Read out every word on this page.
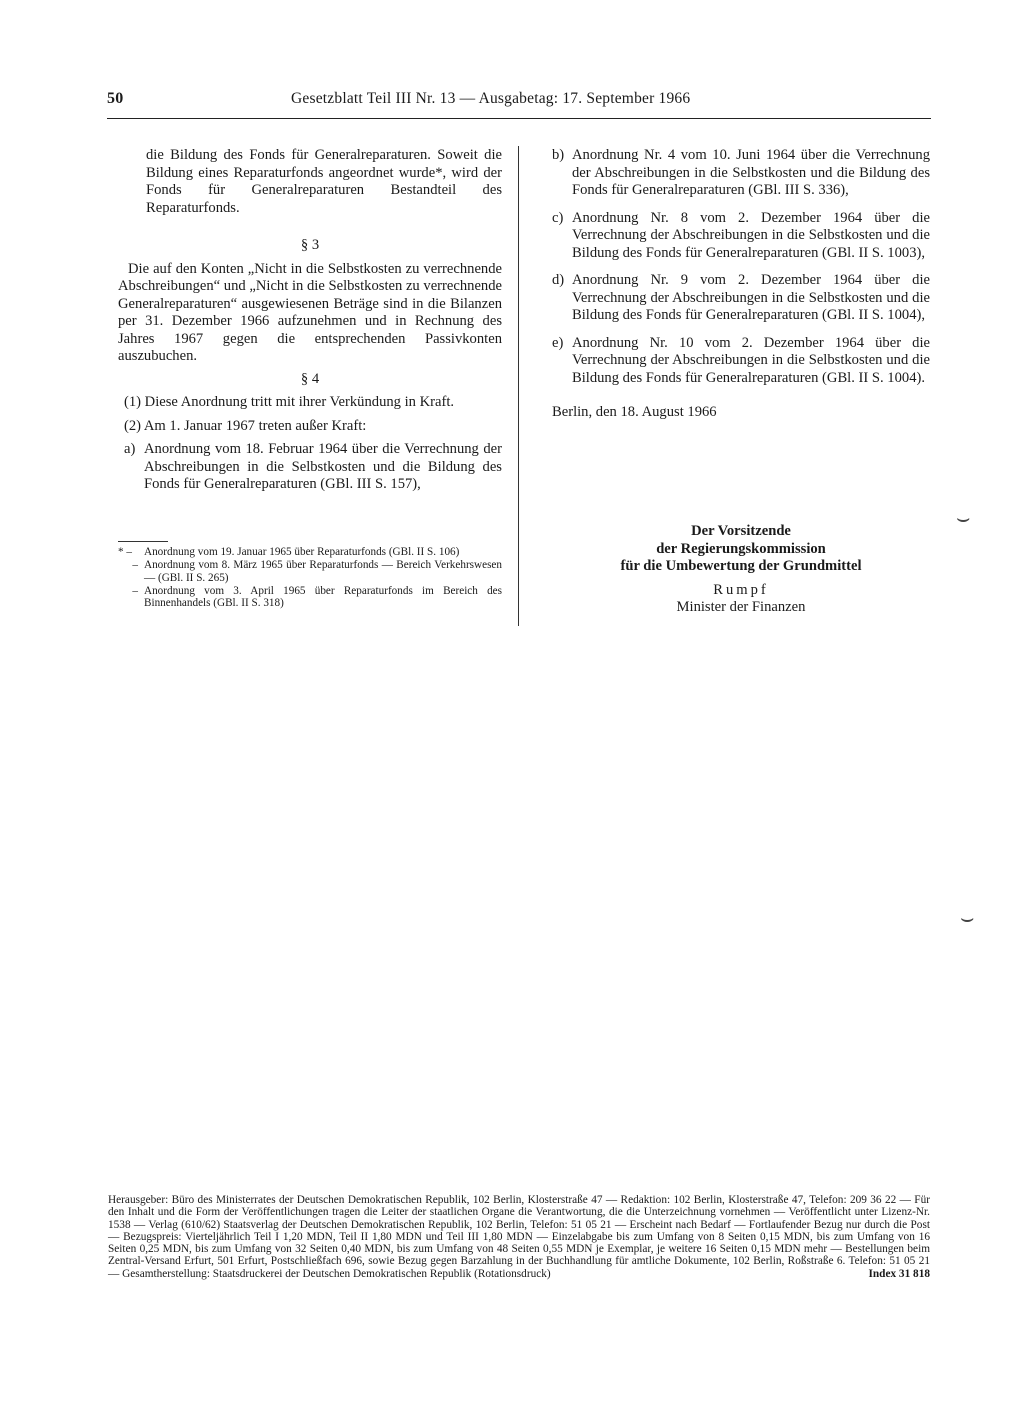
50	Gesetzblatt Teil III Nr. 13 — Ausgabetag: 17. September 1966

die Bildung des Fonds für Generalreparaturen. Soweit die Bildung eines Reparaturfonds angeordnet wurde*, wird der Fonds für Generalreparaturen Bestandteil des Reparaturfonds.

§ 3

Die auf den Konten „Nicht in die Selbstkosten zu verrechnende Abschreibungen“ und „Nicht in die Selbstkosten zu verrechnende Generalreparaturen“ ausgewiesenen Beträge sind in die Bilanzen per 31. Dezember 1966 aufzunehmen und in Rechnung des Jahres 1967 gegen die entsprechenden Passivkonten auszubuchen.

§ 4

(1) Diese Anordnung tritt mit ihrer Verkündung in Kraft.

(2) Am 1. Januar 1967 treten außer Kraft:

a) Anordnung vom 18. Februar 1964 über die Verrechnung der Abschreibungen in die Selbstkosten und die Bildung des Fonds für Generalreparaturen (GBl. III S. 157),
* –	Anordnung vom 19. Januar 1965 über Reparaturfonds (GBl. II S. 106)
– Anordnung vom 8. März 1965 über Reparaturfonds — Bereich Verkehrswesen — (GBl. II S. 265)
– Anordnung vom 3. April 1965 über Reparaturfonds im Bereich des Binnenhandels (GBl. II S. 318)
b) Anordnung Nr. 4 vom 10. Juni 1964 über die Verrechnung der Abschreibungen in die Selbstkosten und die Bildung des Fonds für Generalreparaturen (GBl. III S. 336),
c) Anordnung Nr. 8 vom 2. Dezember 1964 über die Verrechnung der Abschreibungen in die Selbstkosten und die Bildung des Fonds für Generalreparaturen (GBl. II S. 1003),
d) Anordnung Nr. 9 vom 2. Dezember 1964 über die Verrechnung der Abschreibungen in die Selbstkosten und die Bildung des Fonds für Generalreparaturen (GBl. II S. 1004),
e) Anordnung Nr. 10 vom 2. Dezember 1964 über die Verrechnung der Abschreibungen in die Selbstkosten und die Bildung des Fonds für Generalreparaturen (GBl. II S. 1004).

Berlin, den 18. August 1966

Der Vorsitzende
der Regierungskommission
für die Umbewertung der Grundmittel
Rumpf
Minister der Finanzen
⌣
⌣
Herausgeber: Büro des Ministerrates der Deutschen Demokratischen Republik, 102 Berlin, Klosterstraße 47 — Redaktion: 102 Berlin, Klosterstraße 47, Telefon: 209 36 22 — Für den Inhalt und die Form der Veröffentlichungen tragen die Leiter der staatlichen Organe die Verantwortung, die die Unterzeichnung vornehmen — Veröffentlicht unter Lizenz-Nr. 1538 — Verlag (610/62) Staatsverlag der Deutschen Demokratischen Republik, 102 Berlin, Telefon: 51 05 21 — Erscheint nach Bedarf — Fortlaufender Bezug nur durch die Post — Bezugspreis: Vierteljährlich Teil I 1,20 MDN, Teil II 1,80 MDN und Teil III 1,80 MDN — Einzelabgabe bis zum Umfang von 8 Seiten 0,15 MDN, bis zum Umfang von 16 Seiten 0,25 MDN, bis zum Umfang von 32 Seiten 0,40 MDN, bis zum Umfang von 48 Seiten 0,55 MDN je Exemplar, je weitere 16 Seiten 0,15 MDN mehr — Bestellungen beim Zentral-Versand Erfurt, 501 Erfurt, Postschließfach 696, sowie Bezug gegen Barzahlung in der Buchhandlung für amtliche Dokumente, 102 Berlin, Roßstraße 6. Telefon: 51 05 21 — Gesamtherstellung: Staatsdruckerei der Deutschen Demokratischen Republik (Rotationsdruck)	Index 31 818
